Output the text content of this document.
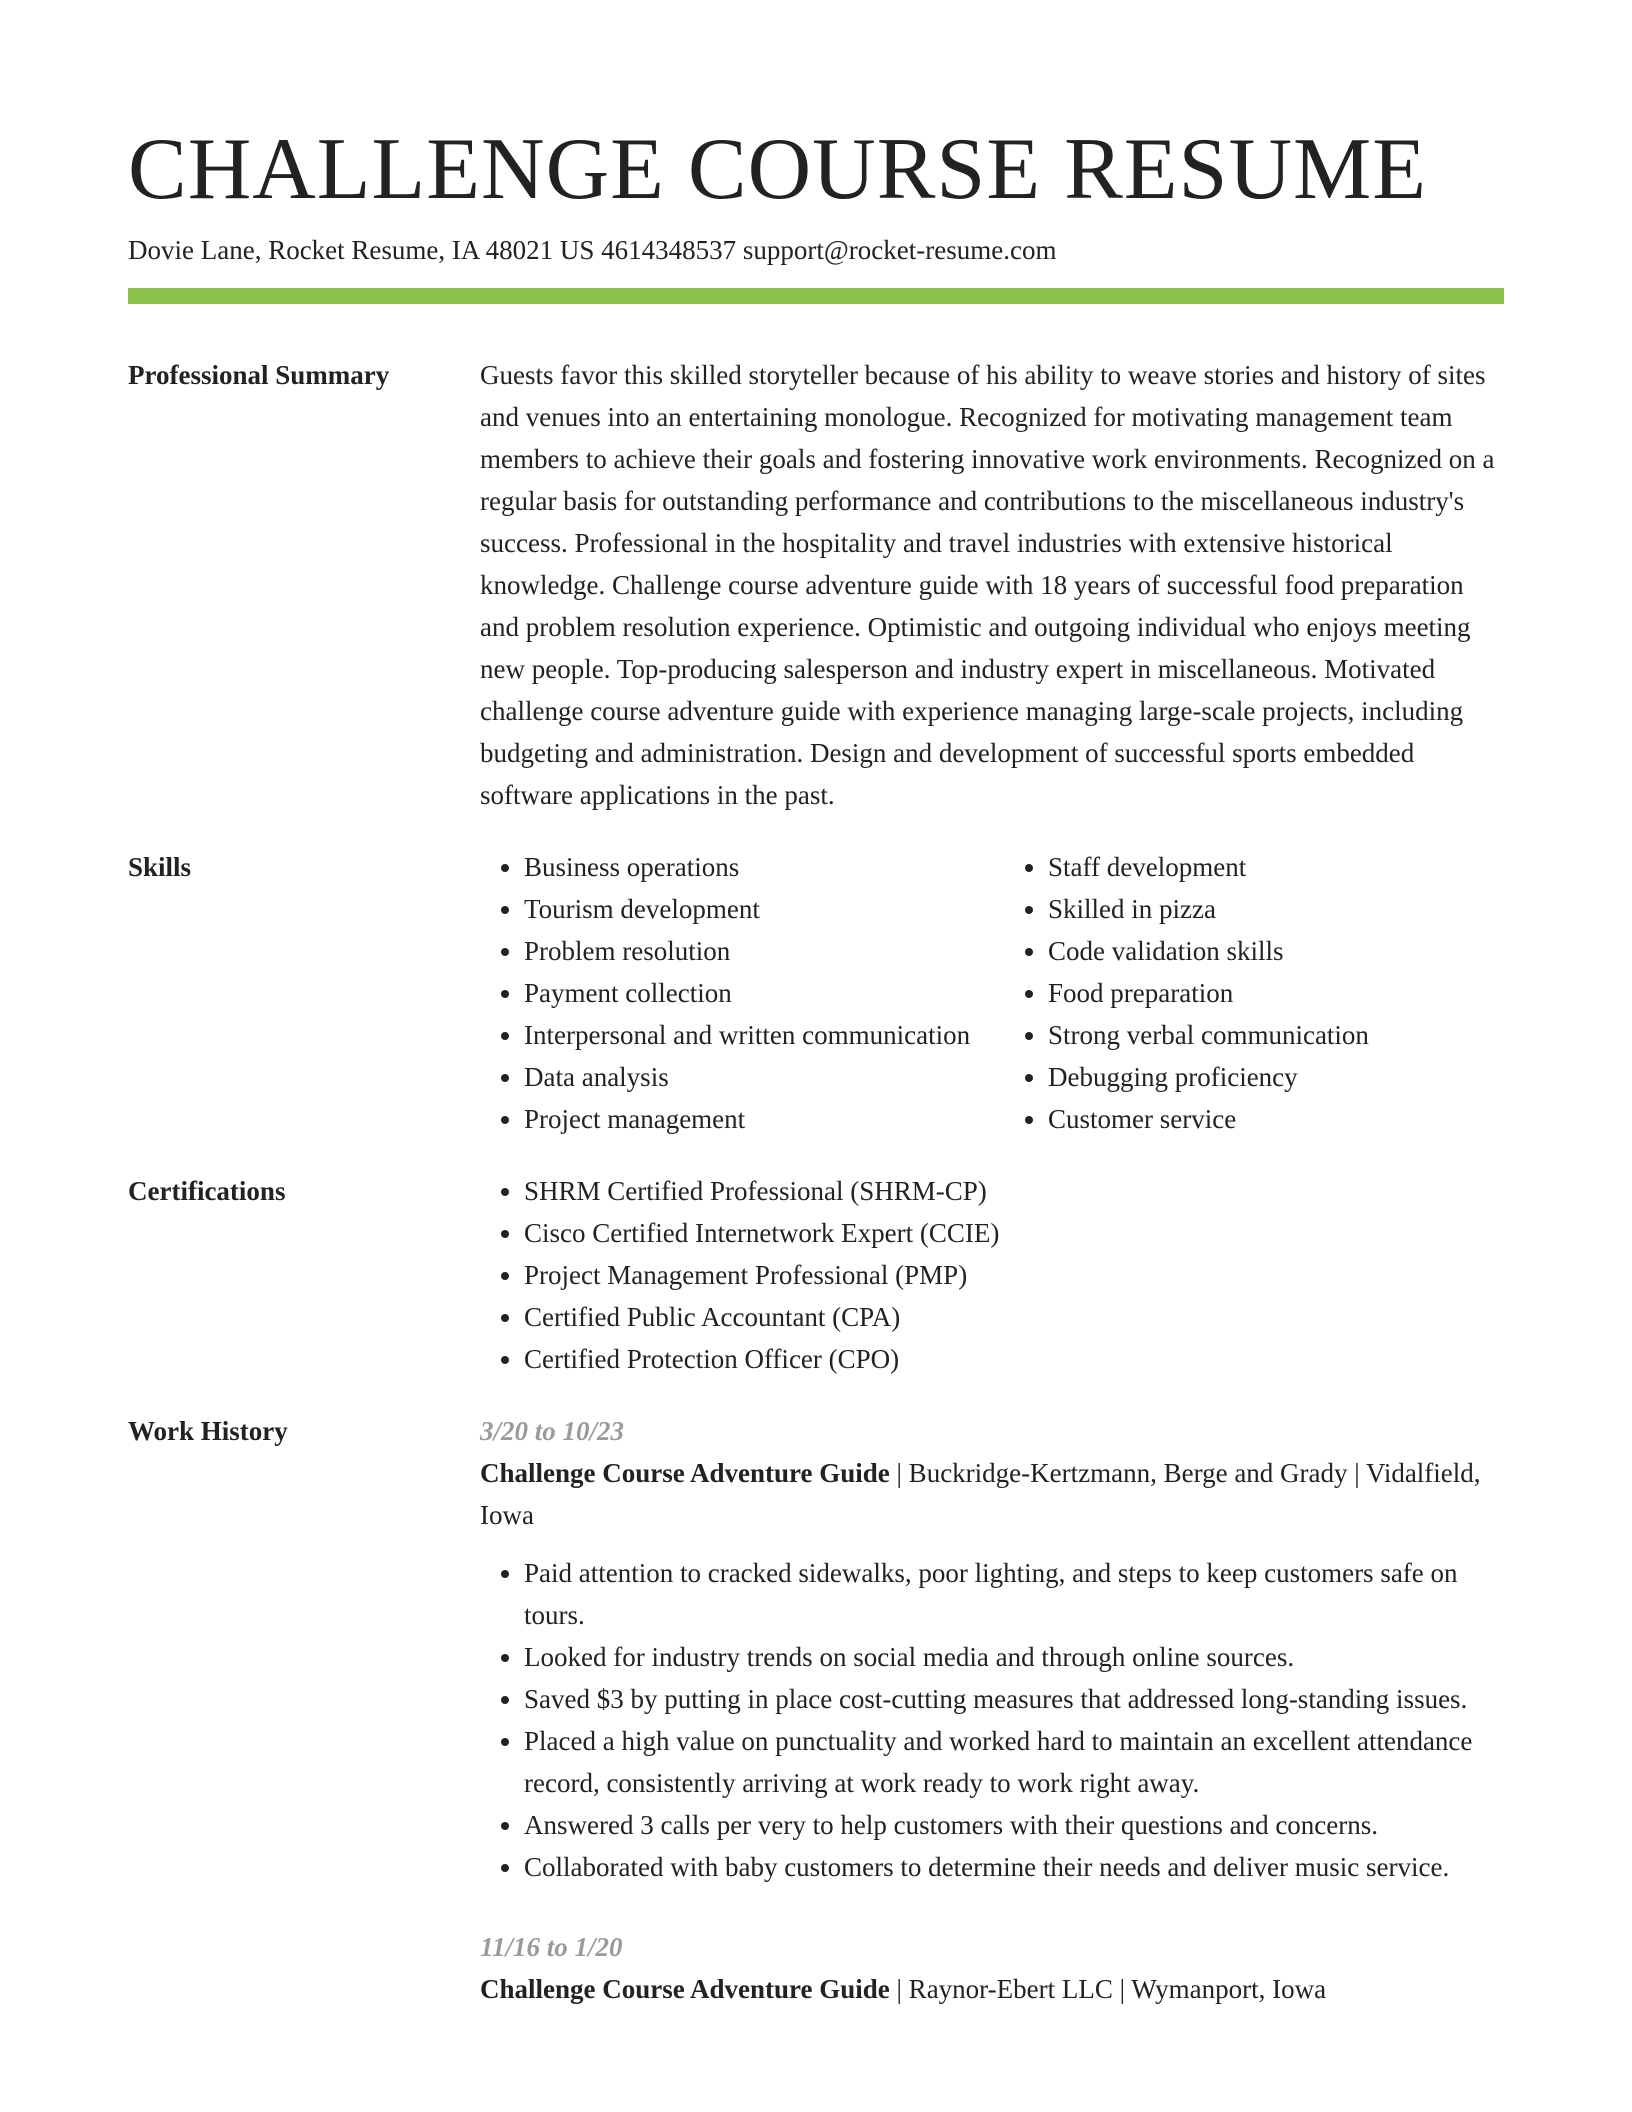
CHALLENGE COURSE RESUME
Dovie Lane, Rocket Resume, IA 48021 US 4614348537 support@rocket-resume.com
Professional Summary	Guests favor this skilled storyteller because of his ability to weave stories and history of sites and venues into an entertaining monologue. Recognized for motivating management team members to achieve their goals and fostering innovative work environments. Recognized on a regular basis for outstanding performance and contributions to the miscellaneous industry's success. Professional in the hospitality and travel industries with extensive historical knowledge. Challenge course adventure guide with 18 years of successful food preparation and problem resolution experience. Optimistic and outgoing individual who enjoys meeting new people. Top-producing salesperson and industry expert in miscellaneous. Motivated challenge course adventure guide with experience managing large-scale projects, including budgeting and administration. Design and development of successful sports embedded software applications in the past.

Skills	• Business operations
• Tourism development
• Problem resolution
• Payment collection
• Interpersonal and written communication
• Data analysis
• Project management
• Staff development
• Skilled in pizza
• Code validation skills
• Food preparation
• Strong verbal communication
• Debugging proficiency
• Customer service
Certifications	• SHRM Certified Professional (SHRM-CP)
• Cisco Certified Internetwork Expert (CCIE)
• Project Management Professional (PMP)
• Certified Public Accountant (CPA)
• Certified Protection Officer (CPO)
Work History	3/20 to 10/23
Challenge Course Adventure Guide | Buckridge-Kertzmann, Berge and Grady | Vidalfield, Iowa
• Paid attention to cracked sidewalks, poor lighting, and steps to keep customers safe on tours.
• Looked for industry trends on social media and through online sources.
• Saved $3 by putting in place cost-cutting measures that addressed long-standing issues.
• Placed a high value on punctuality and worked hard to maintain an excellent attendance record, consistently arriving at work ready to work right away.
• Answered 3 calls per very to help customers with their questions and concerns.
• Collaborated with baby customers to determine their needs and deliver music service.
11/16 to 1/20
Challenge Course Adventure Guide | Raynor-Ebert LLC | Wymanport, Iowa
